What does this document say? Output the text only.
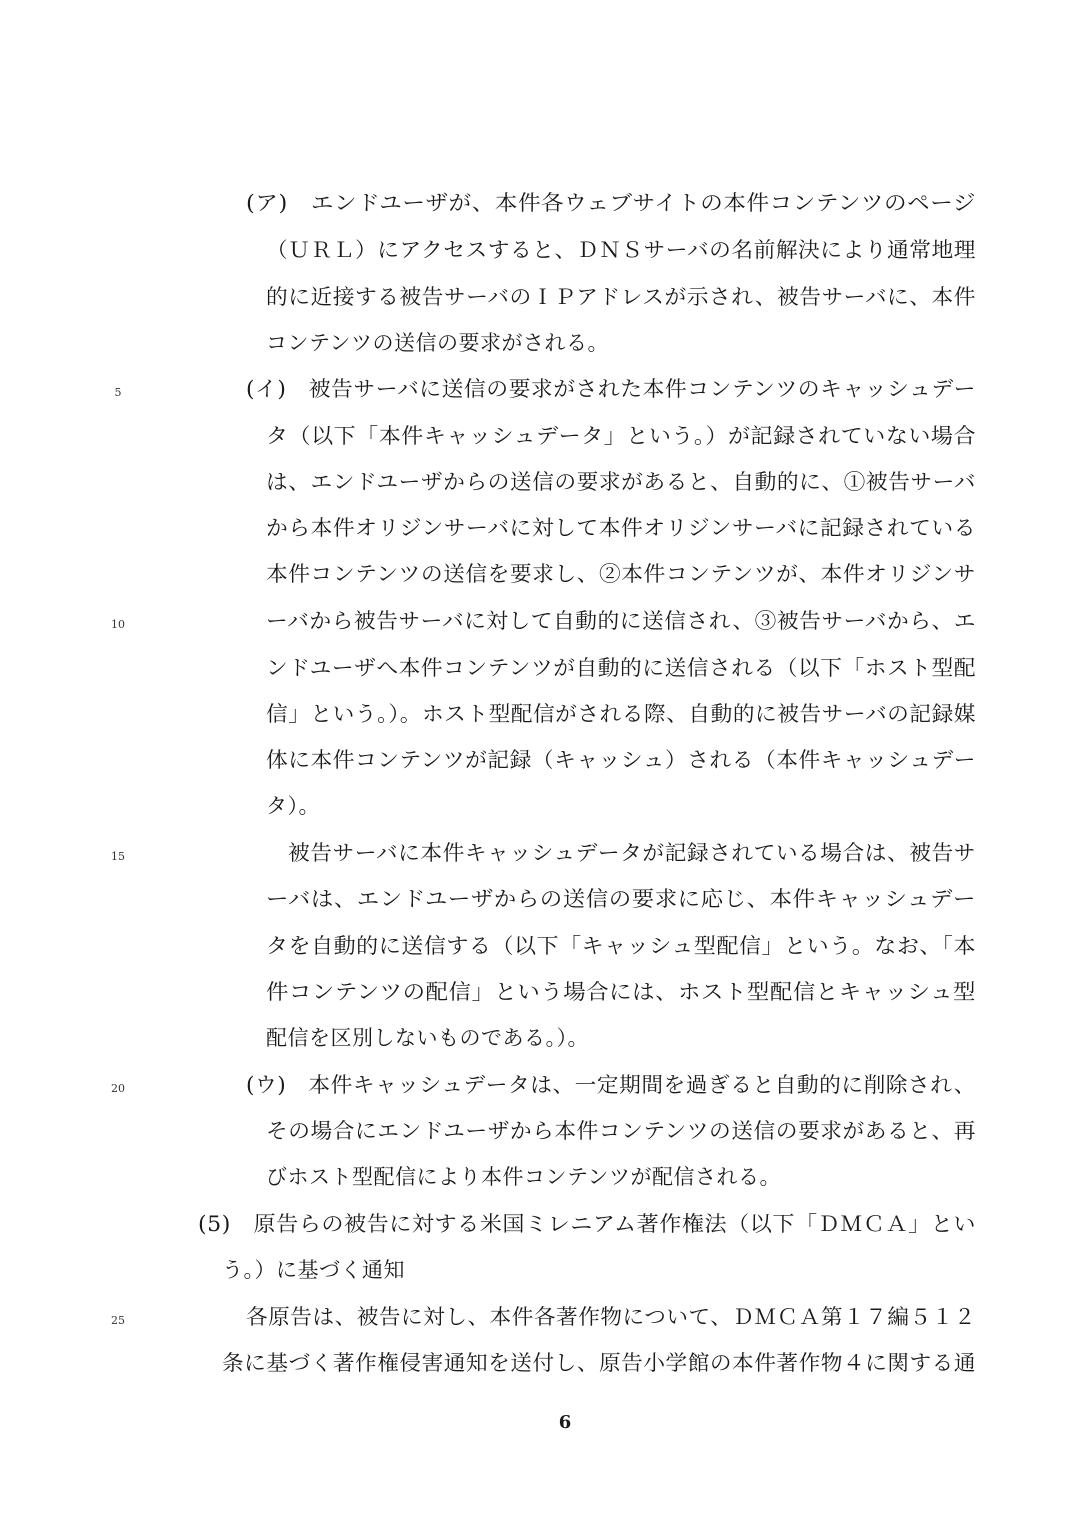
5
10
15
20
25
(ア)　エンドユーザが、本件各ウェブサイトの本件コンテンツのページ
（ＵＲＬ）にアクセスすると、ＤＮＳサーバの名前解決により通常地理
的に近接する被告サーバのＩＰアドレスが示され、被告サーバに、本件
コンテンツの送信の要求がされる。
(イ)　被告サーバに送信の要求がされた本件コンテンツのキャッシュデー
タ（以下「本件キャッシュデータ」という。）が記録されていない場合
は、エンドユーザからの送信の要求があると、自動的に、①被告サーバ
から本件オリジンサーバに対して本件オリジンサーバに記録されている
本件コンテンツの送信を要求し、②本件コンテンツが、本件オリジンサ
ーバから被告サーバに対して自動的に送信され、③被告サーバから、エ
ンドユーザへ本件コンテンツが自動的に送信される（以下「ホスト型配
信」という。）。ホスト型配信がされる際、自動的に被告サーバの記録媒
体に本件コンテンツが記録（キャッシュ）される（本件キャッシュデー
タ）。
被告サーバに本件キャッシュデータが記録されている場合は、被告サ
ーバは、エンドユーザからの送信の要求に応じ、本件キャッシュデー
タを自動的に送信する（以下「キャッシュ型配信」という。なお、「本
件コンテンツの配信」という場合には、ホスト型配信とキャッシュ型
配信を区別しないものである。）。
(ウ)　本件キャッシュデータは、一定期間を過ぎると自動的に削除され、
その場合にエンドユーザから本件コンテンツの送信の要求があると、再
びホスト型配信により本件コンテンツが配信される。
(5)　原告らの被告に対する米国ミレニアム著作権法（以下「ＤＭＣＡ」とい
う。）に基づく通知
各原告は、被告に対し、本件各著作物について、ＤＭＣＡ第１７編５１２
条に基づく著作権侵害通知を送付し、原告小学館の本件著作物４に関する通
6
